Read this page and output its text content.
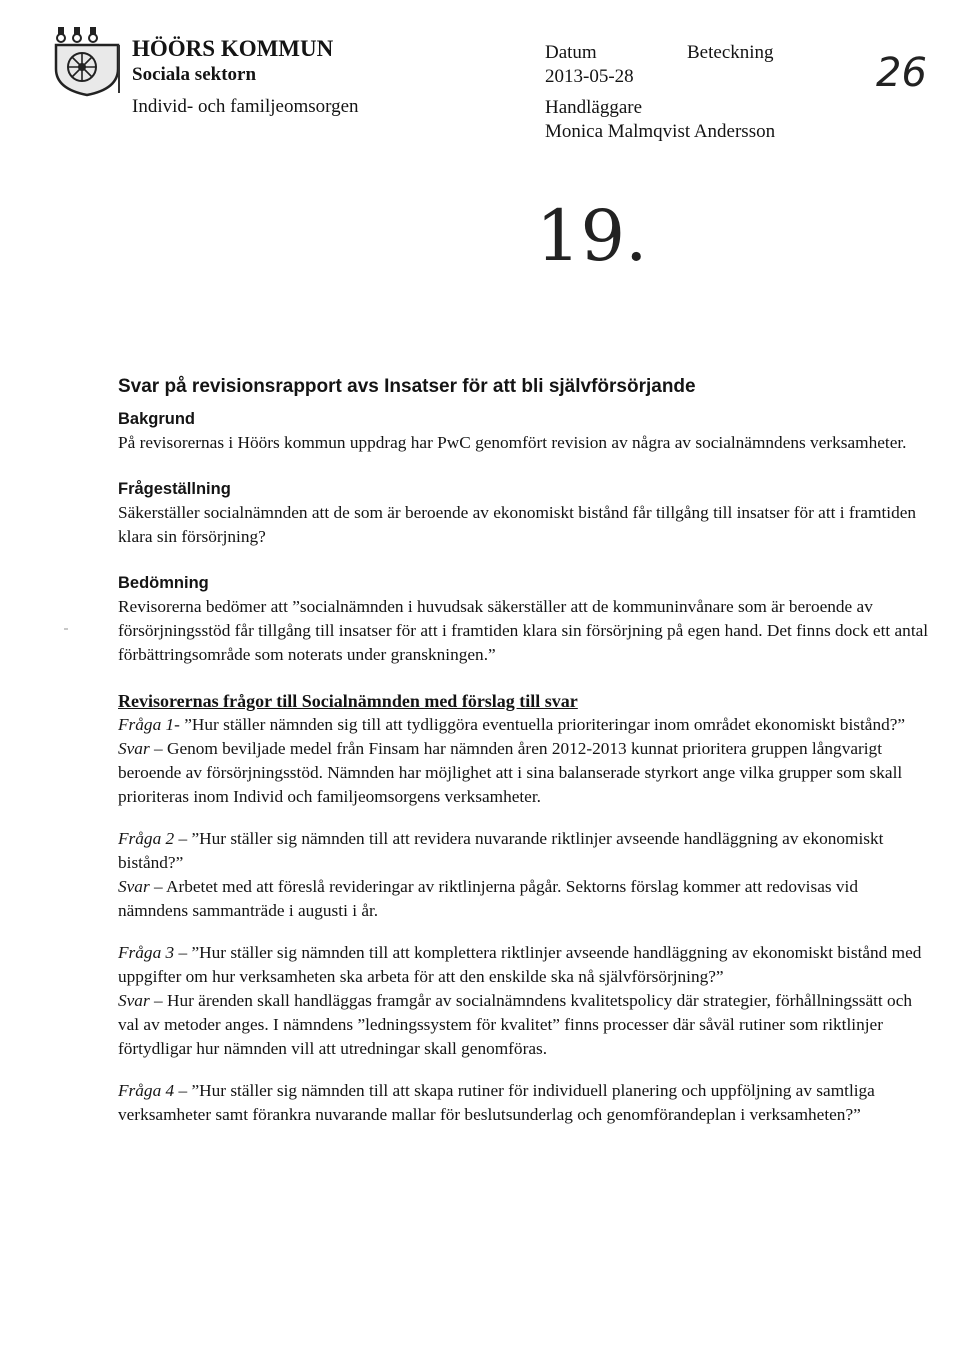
HÖÖRS KOMMUN
Sociala sektorn
Individ- och familjeomsorgen
Datum
2013-05-28
Beteckning
Handläggare
Monica Malmqvist Andersson
26
19.

Svar på revisionsrapport avs Insatser för att bli självförsörjande

Bakgrund

På revisorernas i Höörs kommun uppdrag har PwC genomfört revision av några av socialnämndens verksamheter.

Frågeställning

Säkerställer socialnämnden att de som är beroende av ekonomiskt bistånd får tillgång till insatser för att i framtiden klara sin försörjning?

Bedömning

Revisorerna bedömer att ”socialnämnden i huvudsak säkerställer att de kommuninvånare som är beroende av försörjningsstöd får tillgång till insatser för att i framtiden klara sin försörjning på egen hand. Det finns dock ett antal förbättringsområde som noterats under granskningen.”

Revisorernas frågor till Socialnämnden med förslag till svar

Fråga 1- ”Hur ställer nämnden sig till att tydliggöra eventuella prioriteringar inom området ekonomiskt bistånd?”

Svar – Genom beviljade medel från Finsam har nämnden åren 2012-2013 kunnat prioritera gruppen långvarigt beroende av försörjningsstöd. Nämnden har möjlighet att i sina balanserade styrkort ange vilka grupper som skall prioriteras inom Individ och familjeomsorgens verksamheter.

Fråga 2 – ”Hur ställer sig nämnden till att revidera nuvarande riktlinjer avseende handläggning av ekonomiskt bistånd?”

Svar – Arbetet med att föreslå revideringar av riktlinjerna pågår. Sektorns förslag kommer att redovisas vid nämndens sammanträde i augusti i år.

Fråga 3 – ”Hur ställer sig nämnden till att komplettera riktlinjer avseende handläggning av ekonomiskt bistånd med uppgifter om hur verksamheten ska arbeta för att den enskilde ska nå självförsörjning?”

Svar – Hur ärenden skall handläggas framgår av socialnämndens kvalitetspolicy där strategier, förhållningssätt och val av metoder anges. I nämndens ”ledningssystem för kvalitet” finns processer där såväl rutiner som riktlinjer förtydligar hur nämnden vill att utredningar skall genomföras.

Fråga 4 – ”Hur ställer sig nämnden till att skapa rutiner för individuell planering och uppföljning av samtliga verksamheter samt förankra nuvarande mallar för beslutsunderlag och genomförandeplan i verksamheten?”
